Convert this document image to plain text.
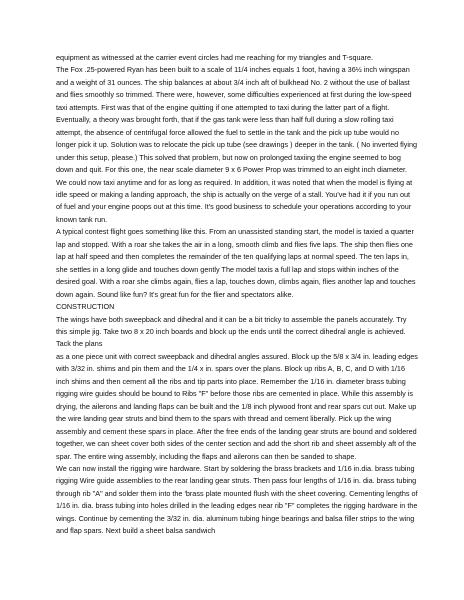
equipment as witnessed at the carrier event circles had me reaching for my triangles and T-square.

The Fox .25-powered Ryan has been built to a scale of 11/4 inches equals 1 foot, having a 36½ inch wingspan and a weight of 31 ounces. The ship balances at about 3/4 inch aft of bulkhead No. 2 without the use of ballast and flies smoothly so trimmed. There were, however, some difficulties experienced at first during the low-speed taxi attempts. First was that of the engine quitting if one attempted to taxi during the latter part of a flight. Eventually, a theory was brought forth, that if the gas tank were less than half full during a slow rolling taxi attempt, the absence of centrifugal force allowed the fuel to settle in the tank and the pick up tube would no longer pick it up. Solution was to relocate the pick up tube (see drawings ) deeper in the tank. ( No inverted flying under this setup, please.) This solved that problem, but now on prolonged taxiing the engine seemed to bog down and quit. For this one, the near scale diameter 9 x 6 Power Prop was trimmed to an eight inch diameter. We could now taxi anytime and for as long as required. In addition, it was noted that when the model is flying at idle speed or making a landing approach, the ship is actually on the verge of a stall. You've had it if you run out of fuel and your engine poops out at this time. It's good business to schedule your operations according to your known tank run.

A typical contest flight goes something like this. From an unassisted standing start, the model is taxied a quarter lap and stopped. With a roar she takes the air in a long, smooth climb and flies five laps. The ship then flies one lap at half speed and then completes the remainder of the ten qualifying laps at normal speed. The ten laps in, she settles in a long glide and touches down gently The model taxis a full lap and stops within inches of the desired goal. With a roar she climbs again, flies a lap, touches down, climbs again, flies another lap and touches down again. Sound like fun? It's great fun for the flier and spectators alike.

CONSTRUCTION

The wings have both sweepback and dihedral and it can be a bit tricky to assemble the panels accurately. Try this simple jig. Take two 8 x 20 inch boards and block up the ends until the correct dihedral angle is achieved. Tack the plans

as a one piece unit with correct sweepback and dihedral angles assured. Block up the 5/8 x 3/4 in. leading edges with 3/32 in. shims and pin them and the 1/4 x in. spars over the plans. Block up ribs A, B, C, and D with 1/16 inch shims and then cement all the ribs and tip parts into place. Remember the 1/16 in. diameter brass tubing rigging wire guides should be bound to Ribs "F" before those ribs are cemented in place. While this assembly is drying, the ailerons and landing flaps can be built and the 1/8 inch plywood front and rear spars cut out. Make up the wire landing gear struts and bind them to the spars with thread and cement liberally. Pick up the wing assembly and cement these spars in place. After the free ends of the landing gear struts are bound and soldered together, we can sheet cover both sides of the center section and add the short rib and sheet assembly aft of the spar. The entire wing assembly, including the flaps and ailerons can then be sanded to shape.

We can now install the rigging wire hardware. Start by soldering the brass brackets and 1/16 in.dia. brass tubing rigging Wire guide assemblies to the rear landing gear struts. Then pass four lengths of 1/16 in. dia. brass tubing through rib "A" and solder them into the 'brass plate mounted flush with the sheet covering. Cementing lengths of 1/16 in. dia. brass tubing into holes drilled in the leading edges near rib "F" completes the rigging hardware in the wings. Continue by cementing the 3/32 in. dia. aluminum tubing hinge bearings and balsa filler strips to the wing and flap spars. Next build a sheet balsa sandwich
